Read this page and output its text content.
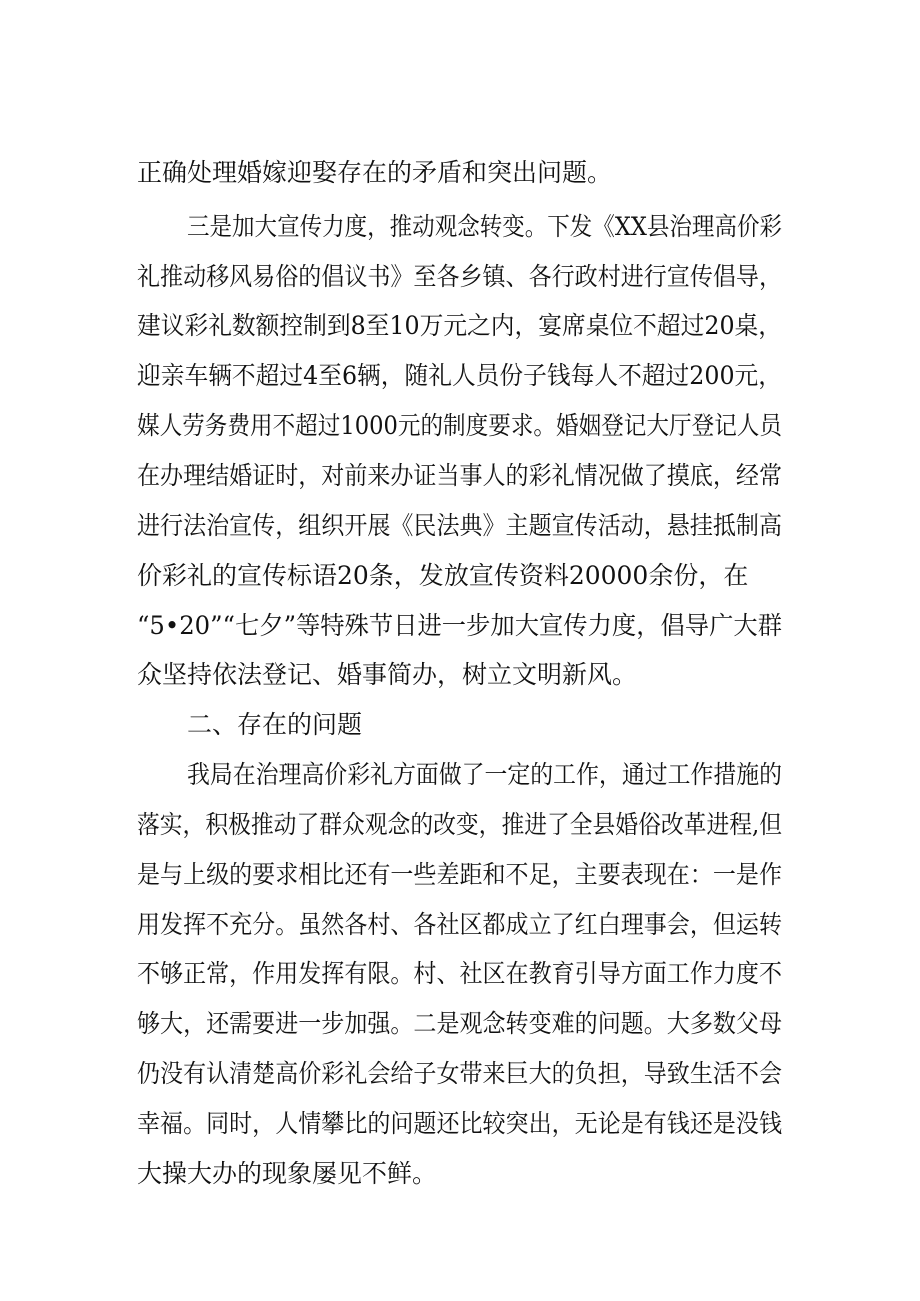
正确处理婚嫁迎娶存在的矛盾和突出问题。
三是加大宣传力度，推动观念转变。下发《XX县治理高价彩
礼推动移风易俗的倡议书》至各乡镇、各行政村进行宣传倡导，
建议彩礼数额控制到8至10万元之内，宴席桌位不超过20桌，
迎亲车辆不超过4至6辆，随礼人员份子钱每人不超过200元，
媒人劳务费用不超过1000元的制度要求。婚姻登记大厅登记人员
在办理结婚证时，对前来办证当事人的彩礼情况做了摸底，经常
进行法治宣传，组织开展《民法典》主题宣传活动，悬挂抵制高
价彩礼的宣传标语20条，发放宣传资料20000余份，在
“5•20”“七夕”等特殊节日进一步加大宣传力度，倡导广大群
众坚持依法登记、婚事简办，树立文明新风。
二、存在的问题
我局在治理高价彩礼方面做了一定的工作，通过工作措施的
落实，积极推动了群众观念的改变，推进了全县婚俗改革进程,但
是与上级的要求相比还有一些差距和不足，主要表现在：一是作
用发挥不充分。虽然各村、各社区都成立了红白理事会，但运转
不够正常，作用发挥有限。村、社区在教育引导方面工作力度不
够大，还需要进一步加强。二是观念转变难的问题。大多数父母
仍没有认清楚高价彩礼会给子女带来巨大的负担，导致生活不会
幸福。同时，人情攀比的问题还比较突出，无论是有钱还是没钱
大操大办的现象屡见不鲜。
